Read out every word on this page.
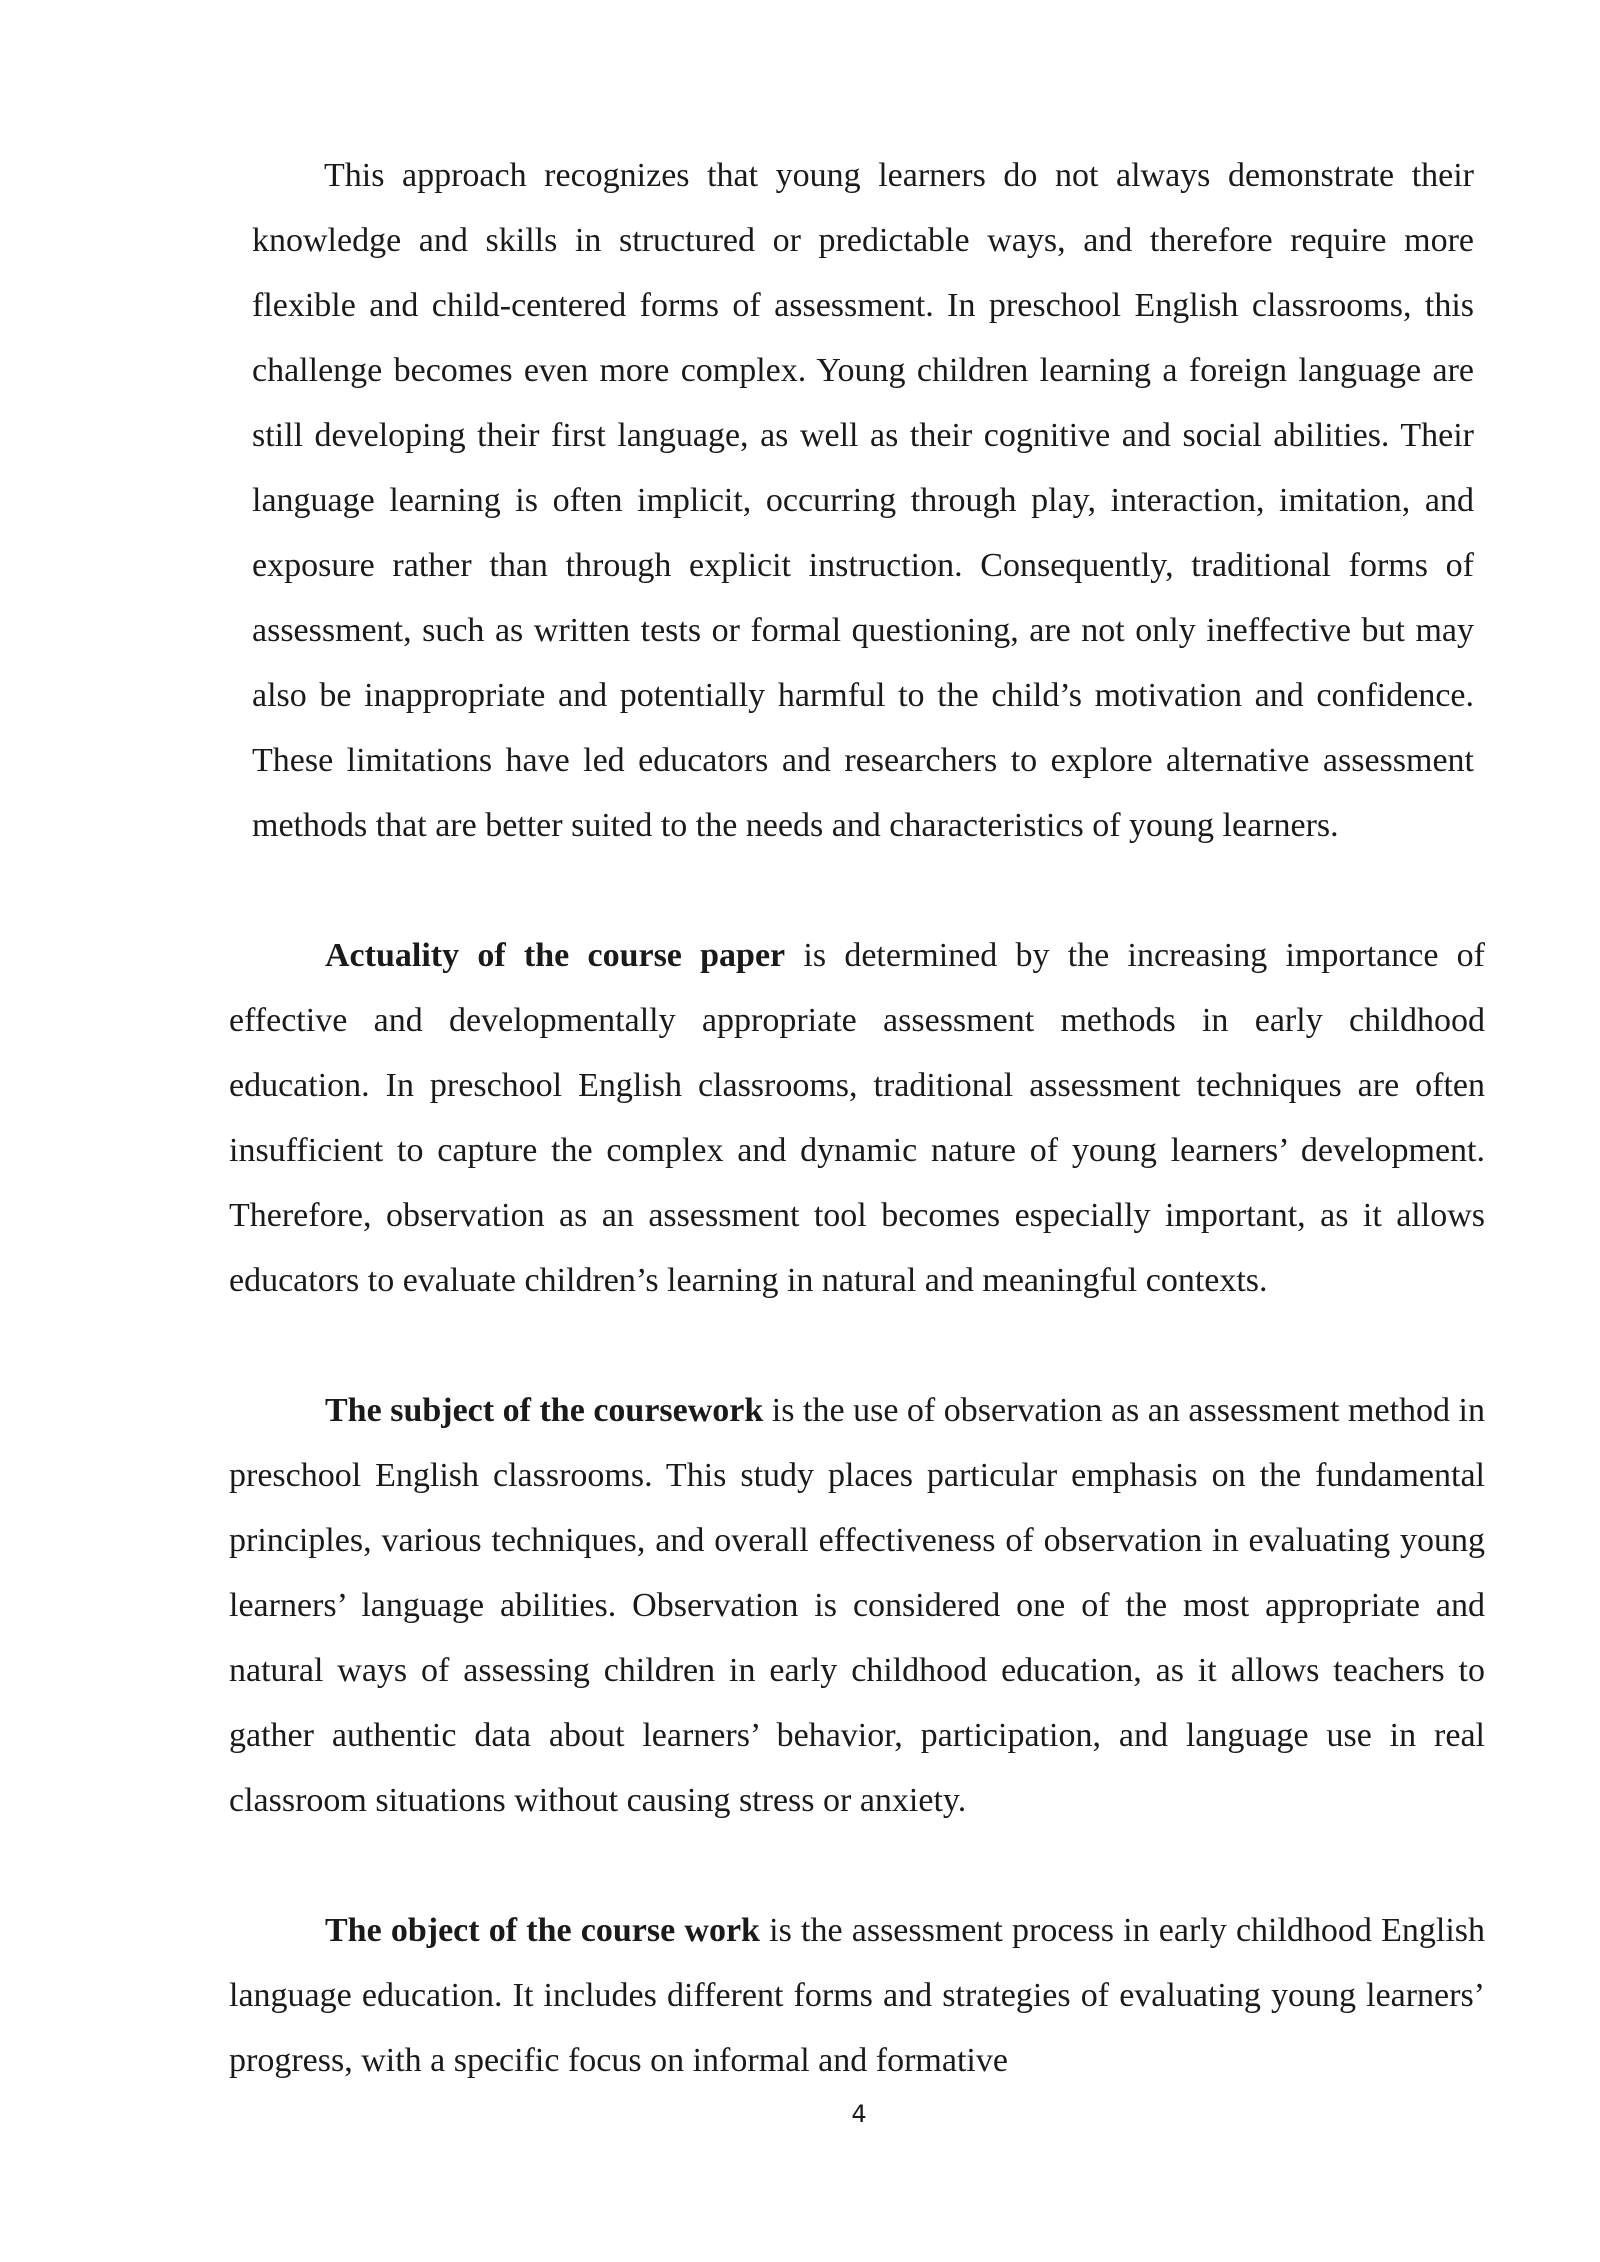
This approach recognizes that young learners do not always demonstrate their knowledge and skills in structured or predictable ways, and therefore require more flexible and child-centered forms of assessment. In preschool English classrooms, this challenge becomes even more complex. Young children learning a foreign language are still developing their first language, as well as their cognitive and social abilities. Their language learning is often implicit, occurring through play, interaction, imitation, and exposure rather than through explicit instruction. Consequently, traditional forms of assessment, such as written tests or formal questioning, are not only ineffective but may also be inappropriate and potentially harmful to the child’s motivation and confidence. These limitations have led educators and researchers to explore alternative assessment methods that are better suited to the needs and characteristics of young learners.

Actuality of the course paper is determined by the increasing importance of effective and developmentally appropriate assessment methods in early childhood education. In preschool English classrooms, traditional assessment techniques are often insufficient to capture the complex and dynamic nature of young learners’ development. Therefore, observation as an assessment tool becomes especially important, as it allows educators to evaluate children’s learning in natural and meaningful contexts.

The subject of the coursework is the use of observation as an assessment method in preschool English classrooms. This study places particular emphasis on the fundamental principles, various techniques, and overall effectiveness of observation in evaluating young learners’ language abilities. Observation is considered one of the most appropriate and natural ways of assessing children in early childhood education, as it allows teachers to gather authentic data about learners’ behavior, participation, and language use in real classroom situations without causing stress or anxiety.

The object of the course work is the assessment process in early childhood English language education. It includes different forms and strategies of evaluating young learners’ progress, with a specific focus on informal and formative

4
